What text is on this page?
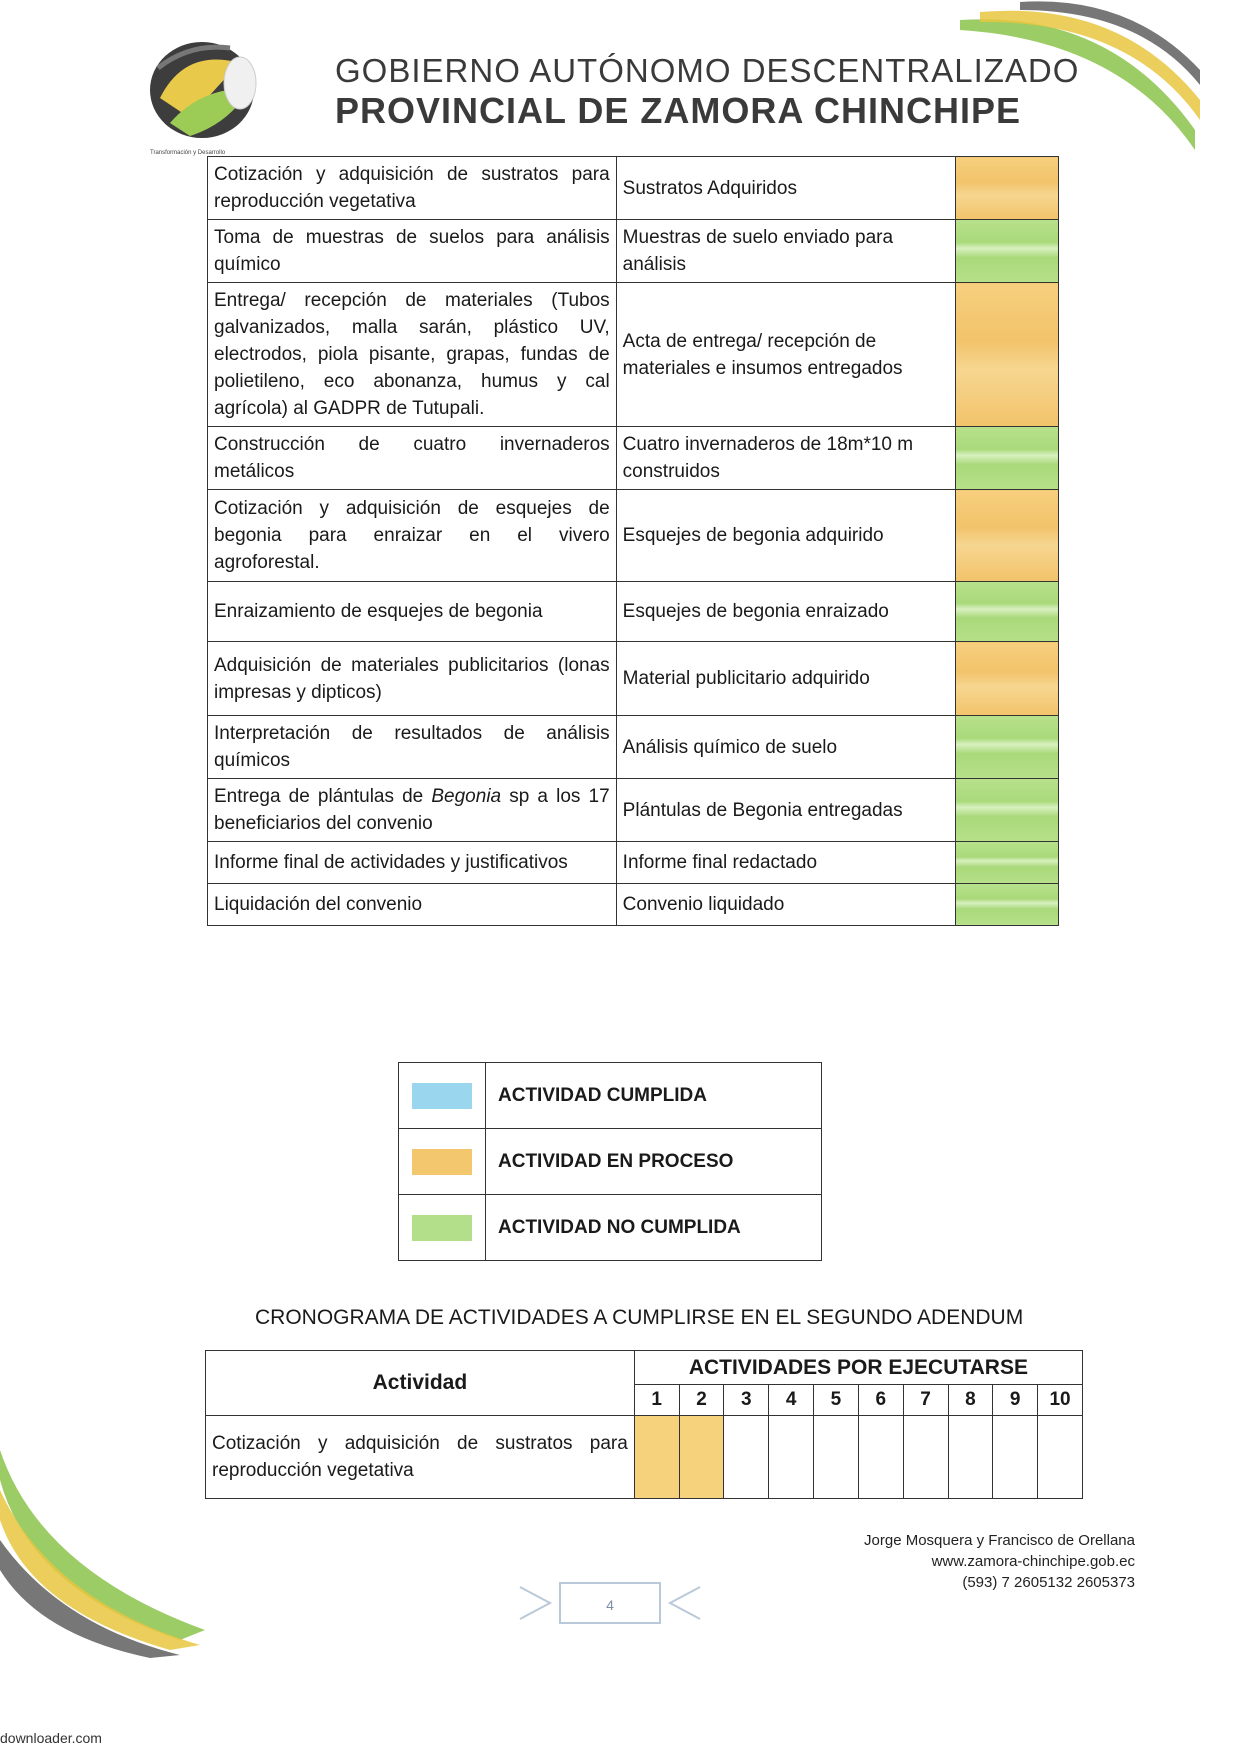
Transformación y Desarrollo
GOBIERNO AUTÓNOMO DESCENTRALIZADO
PROVINCIAL DE ZAMORA CHINCHIPE
Cotización y adquisición de sustratos para reproducción vegetativa	Sustratos Adquiridos	
Toma de muestras de suelos para análisis químico	Muestras de suelo enviado para análisis	
Entrega/ recepción de materiales (Tubos galvanizados, malla sarán, plástico UV, electrodos, piola pisante, grapas, fundas de polietileno, eco abonanza, humus y cal agrícola) al GADPR de Tutupali.	Acta de entrega/ recepción de materiales e insumos entregados	
Construcción de cuatro invernaderos metálicos	Cuatro invernaderos de 18m*10 m construidos	
Cotización y adquisición de esquejes de begonia para enraizar en el vivero agroforestal.	Esquejes de begonia adquirido	
Enraizamiento de esquejes de begonia	Esquejes de begonia enraizado	
Adquisición de materiales publicitarios (lonas impresas y dipticos)	Material publicitario adquirido	
Interpretación de resultados de análisis químicos	Análisis químico de suelo	
Entrega de plántulas de Begonia sp a los 17 beneficiarios del convenio	Plántulas de Begonia entregadas	
Informe final de actividades y justificativos	Informe final redactado	
Liquidación del convenio	Convenio liquidado	
	ACTIVIDAD CUMPLIDA
	ACTIVIDAD EN PROCESO
	ACTIVIDAD NO CUMPLIDA
CRONOGRAMA DE ACTIVIDADES A CUMPLIRSE EN EL SEGUNDO ADENDUM
Actividad	ACTIVIDADES POR EJECUTARSE									
	1	2	3	4	5	6	7	8	9	10
Cotización y adquisición de sustratos para reproducción vegetativa										
Jorge Mosquera y Francisco de Orellana
www.zamora-chinchipe.gob.ec
(593) 7 2605132 2605373
4
downloader.com
